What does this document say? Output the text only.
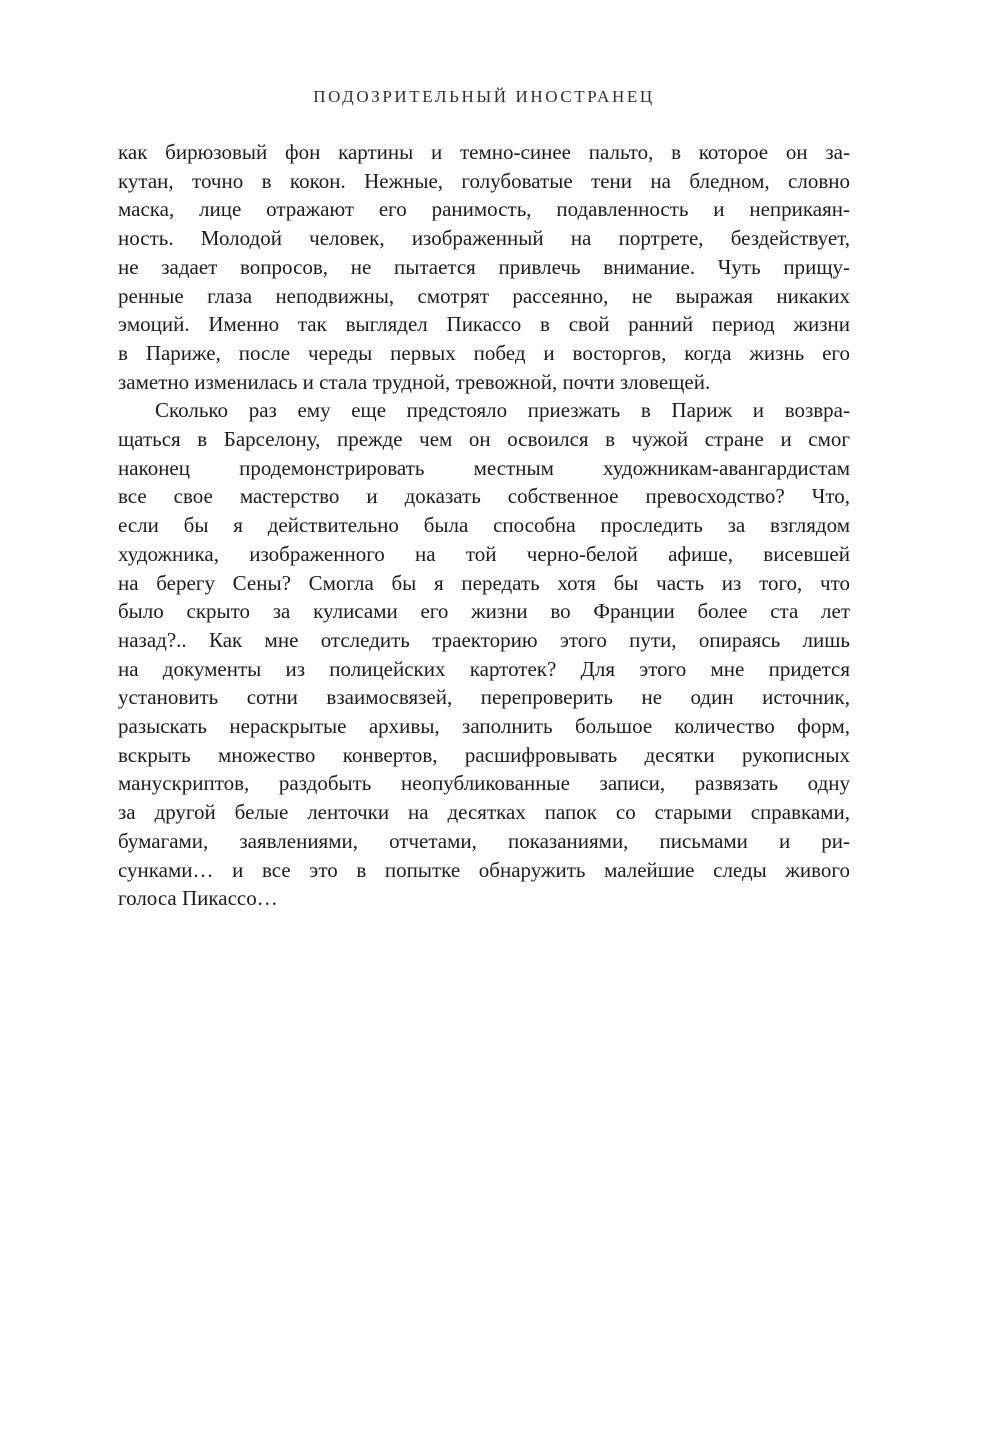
ПОДОЗРИТЕЛЬНЫЙ ИНОСТРАНЕЦ
как бирюзовый фон картины и темно-синее пальто, в которое он за-
кутан, точно в кокон. Нежные, голубоватые тени на бледном, словно
маска, лице отражают его ранимость, подавленность и неприкаян-
ность. Молодой человек, изображенный на портрете, бездействует,
не задает вопросов, не пытается привлечь внимание. Чуть прищу-
ренные глаза неподвижны, смотрят рассеянно, не выражая никаких
эмоций. Именно так выглядел Пикассо в свой ранний период жизни
в Париже, после череды первых побед и восторгов, когда жизнь его
заметно изменилась и стала трудной, тревожной, почти зловещей.
Сколько раз ему еще предстояло приезжать в Париж и возвра-
щаться в Барселону, прежде чем он освоился в чужой стране и смог
наконец продемонстрировать местным художникам-авангардистам
все свое мастерство и доказать собственное превосходство? Что,
если бы я действительно была способна проследить за взглядом
художника, изображенного на той черно-белой афише, висевшей
на берегу Сены? Смогла бы я передать хотя бы часть из того, что
было скрыто за кулисами его жизни во Франции более ста лет
назад?.. Как мне отследить траекторию этого пути, опираясь лишь
на документы из полицейских картотек? Для этого мне придется
установить сотни взаимосвязей, перепроверить не один источник,
разыскать нераскрытые архивы, заполнить большое количество форм,
вскрыть множество конвертов, расшифровывать десятки рукописных
манускриптов, раздобыть неопубликованные записи, развязать одну
за другой белые ленточки на десятках папок со старыми справками,
бумагами, заявлениями, отчетами, показаниями, письмами и ри-
сунками… и все это в попытке обнаружить малейшие следы живого
голоса Пикассо…
